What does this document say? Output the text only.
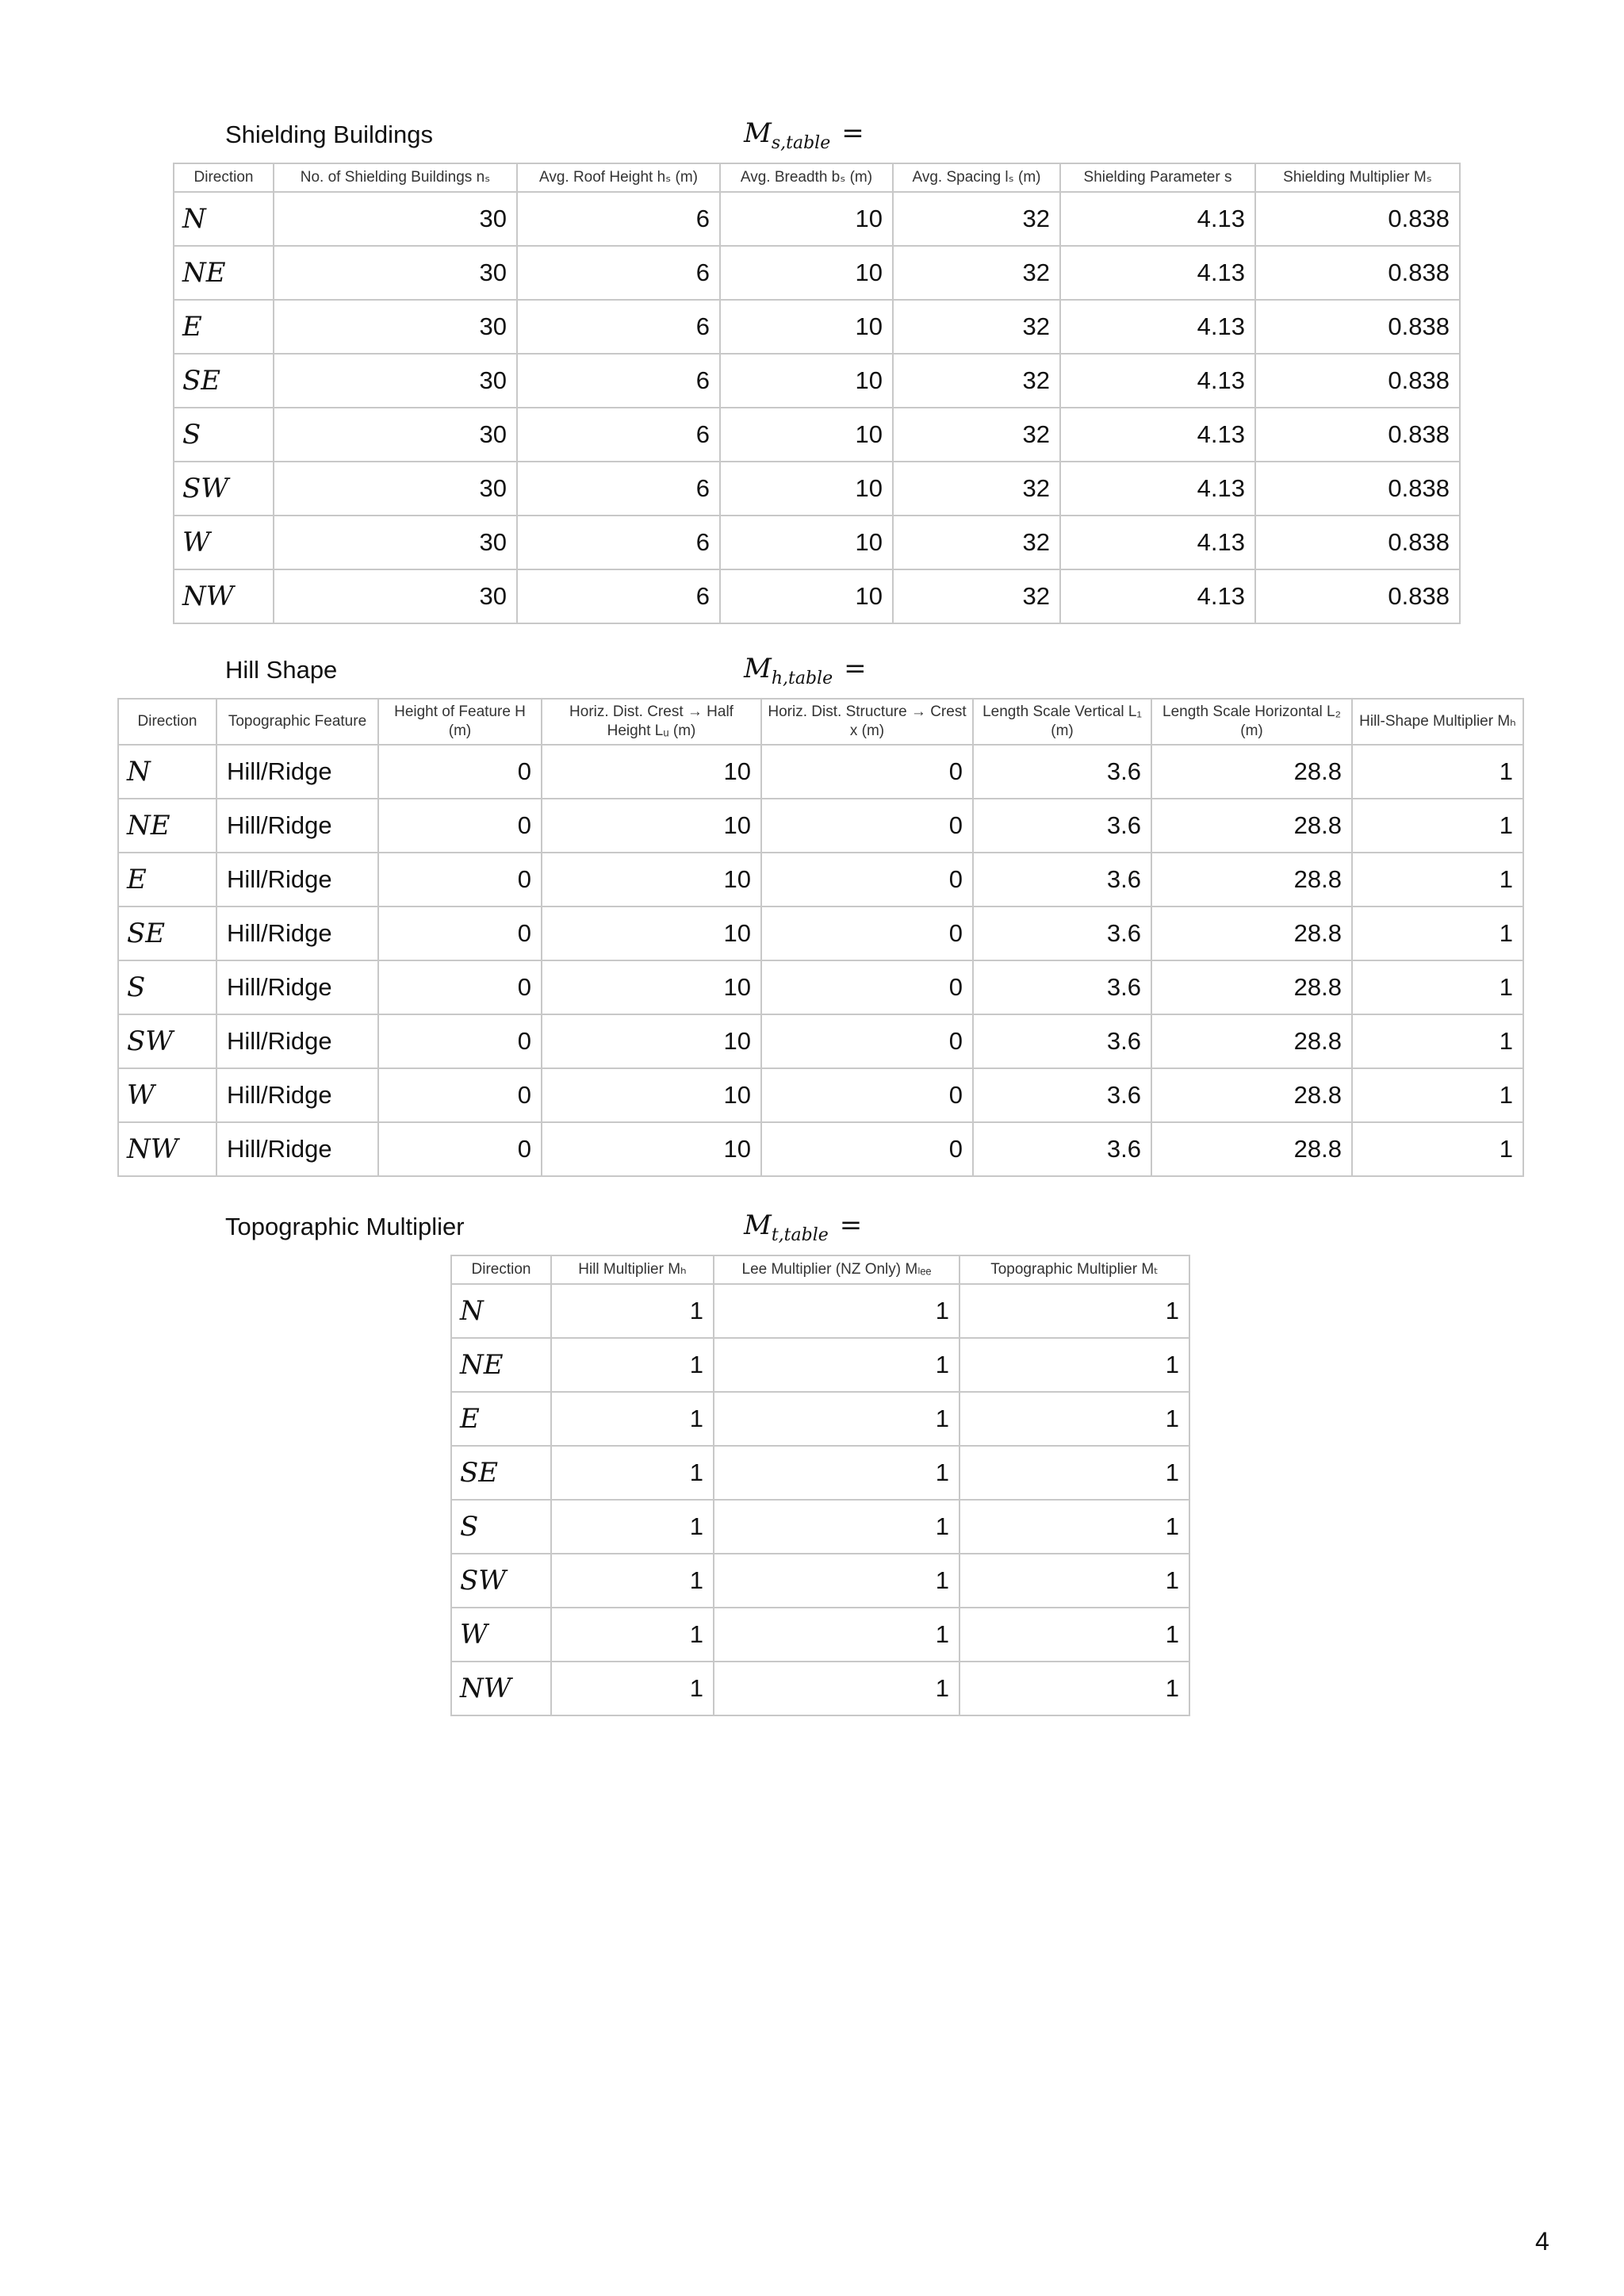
Shielding Buildings	$M_{s,table}$ =
Direction	No. of Shielding Buildings nₛ	Avg. Roof Height hₛ (m)	Avg. Breadth bₛ (m)	Avg. Spacing lₛ (m)	Shielding Parameter s	Shielding Multiplier Mₛ
N	30	6	10	32	4.13	0.838
NE	30	6	10	32	4.13	0.838
E	30	6	10	32	4.13	0.838
SE	30	6	10	32	4.13	0.838
S	30	6	10	32	4.13	0.838
SW	30	6	10	32	4.13	0.838
W	30	6	10	32	4.13	0.838
NW	30	6	10	32	4.13	0.838
Hill Shape	$M_{h,table}$ =
Direction	Topographic Feature	Height of Feature H (m)	Horiz. Dist. Crest → Half Height Lᵤ (m)	Horiz. Dist. Structure → Crest x (m)	Length Scale Vertical L₁ (m)	Length Scale Horizontal L₂ (m)	Hill-Shape Multiplier Mₕ
N	Hill/Ridge	0	10	0	3.6	28.8	1
NE	Hill/Ridge	0	10	0	3.6	28.8	1
E	Hill/Ridge	0	10	0	3.6	28.8	1
SE	Hill/Ridge	0	10	0	3.6	28.8	1
S	Hill/Ridge	0	10	0	3.6	28.8	1
SW	Hill/Ridge	0	10	0	3.6	28.8	1
W	Hill/Ridge	0	10	0	3.6	28.8	1
NW	Hill/Ridge	0	10	0	3.6	28.8	1
Topographic Multiplier	$M_{t,table}$ =
Direction	Hill Multiplier Mₕ	Lee Multiplier (NZ Only) Mₗₑₑ	Topographic Multiplier Mₜ
N	1	1	1
NE	1	1	1
E	1	1	1
SE	1	1	1
S	1	1	1
SW	1	1	1
W	1	1	1
NW	1	1	1
4
